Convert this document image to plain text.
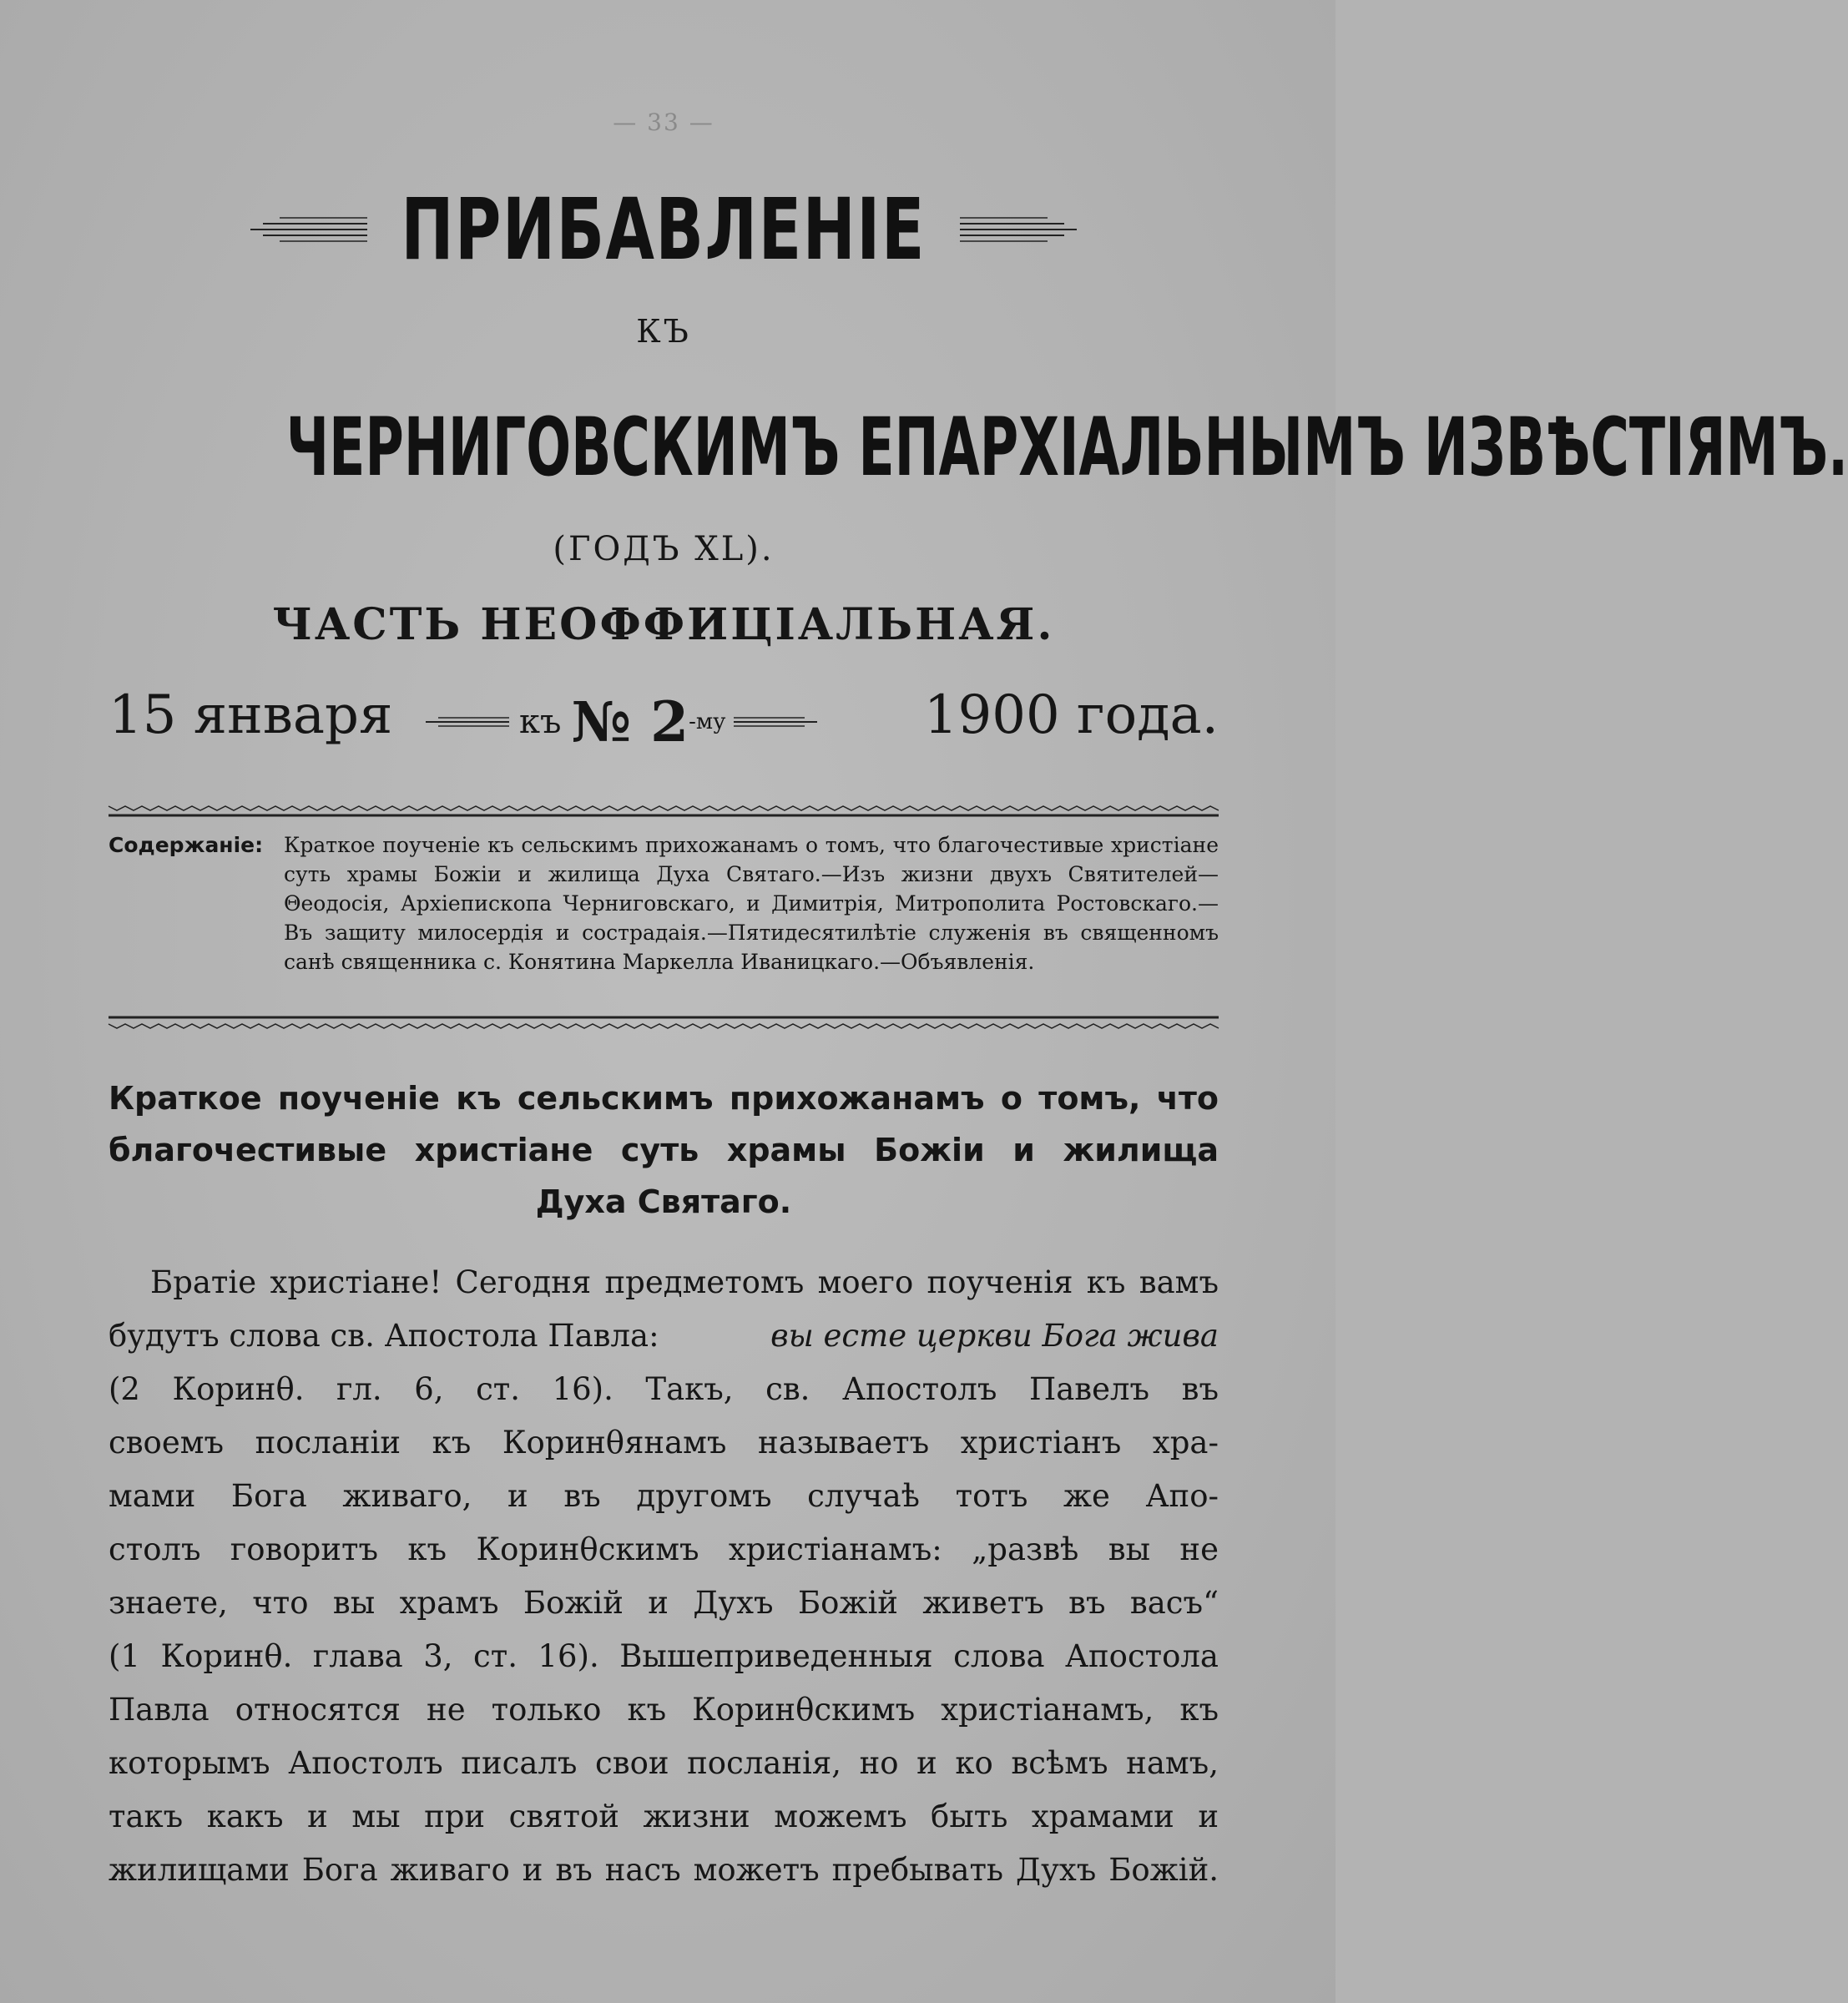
— 33 —
ПРИБАВЛЕНІЕ
КЪ
ЧЕРНИГОВСКИМЪ ЕПАРХІАЛЬНЫМЪ ИЗВѢСТІЯМЪ.
(ГОДЪ XL).
ЧАСТЬ НЕОФФИЦІАЛЬНАЯ.
15 января	къ № 2 -му	1900 года.
Содержаніе: Краткое поученіе къ сельскимъ прихожанамъ о томъ, что благочестивые христіане суть храмы Божіи и жилища Духа Святаго.—Изъ жизни двухъ Святителей—Θеодосія, Архіепископа Черниговскаго, и Димитрія, Митрополита Ростовскаго.—Въ защиту милосердія и сострадаія.—Пятидесятилѣтіе служенія въ священномъ санѣ священника с. Конятина Маркелла Иваницкаго.—Объявленія.
Краткое поученіе къ сельскимъ прихожанамъ о томъ, что
благочестивые христіане суть храмы Божіи и жилища
Духа Святаго.
Братіе христіане! Сегодня предметомъ моего поученія къ вамъ
будутъ слова св. Апостола Павла:	вы есте церкви Бога жива
(2 Коринθ. гл. 6, ст. 16). Такъ, св. Апостолъ Павелъ въ
своемъ посланіи къ Коринθянамъ называетъ христіанъ хра-
мами Бога живаго, и въ другомъ случаѣ тотъ же Апо-
столъ говоритъ къ Коринθскимъ христіанамъ: „развѣ вы не
знаете, что вы храмъ Божій и Духъ Божій живетъ въ васъ“
(1 Коринθ. глава 3, ст. 16). Вышеприведенныя слова Апостола
Павла относятся не только къ Коринθскимъ христіанамъ, къ
которымъ Апостолъ писалъ свои посланія, но и ко всѣмъ намъ,
такъ какъ и мы при святой жизни можемъ быть храмами и
жилищами Бога живаго и въ насъ можетъ пребывать Духъ Божій.
